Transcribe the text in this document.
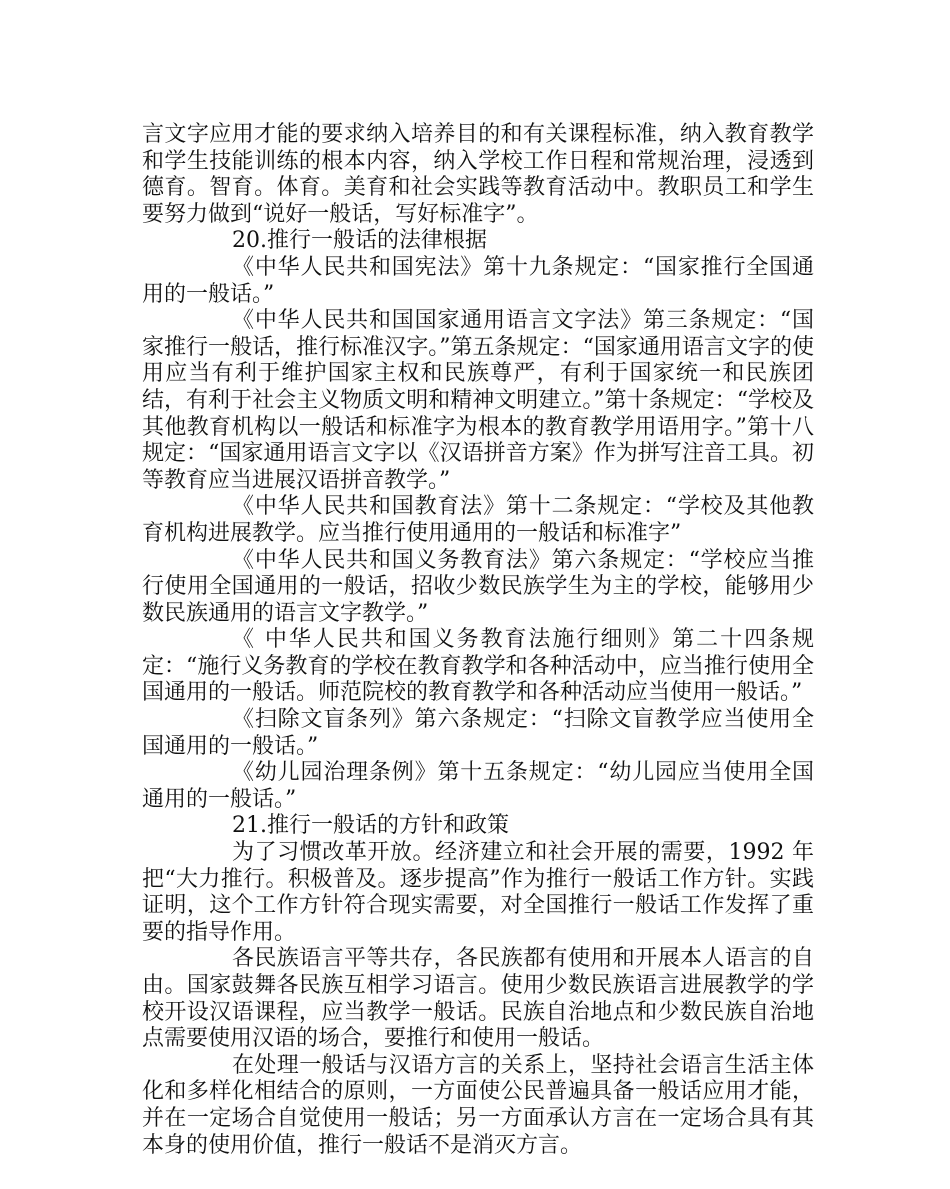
言文字应用才能的要求纳入培养目的和有关课程标准，纳入教育教学和学生技能训练的根本内容，纳入学校工作日程和常规治理，浸透到德育。智育。体育。美育和社会实践等教育活动中。教职员工和学生要努力做到“说好一般话，写好标准字”。

20.推行一般话的法律根据

《中华人民共和国宪法》第十九条规定：“国家推行全国通用的一般话。”

《中华人民共和国国家通用语言文字法》第三条规定：“国家推行一般话，推行标准汉字。”第五条规定：“国家通用语言文字的使用应当有利于维护国家主权和民族尊严，有利于国家统一和民族团结，有利于社会主义物质文明和精神文明建立。”第十条规定：“学校及其他教育机构以一般话和标准字为根本的教育教学用语用字。”第十八规定：“国家通用语言文字以《汉语拼音方案》作为拼写注音工具。初等教育应当进展汉语拼音教学。”

《中华人民共和国教育法》第十二条规定：“学校及其他教育机构进展教学。应当推行使用通用的一般话和标准字”

《中华人民共和国义务教育法》第六条规定：“学校应当推行使用全国通用的一般话，招收少数民族学生为主的学校，能够用少数民族通用的语言文字教学。”

《 中华人民共和国义务教育法施行细则》第二十四条规定：“施行义务教育的学校在教育教学和各种活动中，应当推行使用全国通用的一般话。师范院校的教育教学和各种活动应当使用一般话。”

《扫除文盲条列》第六条规定：“扫除文盲教学应当使用全国通用的一般话。”

《幼儿园治理条例》第十五条规定：“幼儿园应当使用全国通用的一般话。”

21.推行一般话的方针和政策

为了习惯改革开放。经济建立和社会开展的需要，1992 年把“大力推行。积极普及。逐步提高”作为推行一般话工作方针。实践证明，这个工作方针符合现实需要，对全国推行一般话工作发挥了重要的指导作用。

各民族语言平等共存，各民族都有使用和开展本人语言的自由。国家鼓舞各民族互相学习语言。使用少数民族语言进展教学的学校开设汉语课程，应当教学一般话。民族自治地点和少数民族自治地点需要使用汉语的场合，要推行和使用一般话。

在处理一般话与汉语方言的关系上，坚持社会语言生活主体化和多样化相结合的原则，一方面使公民普遍具备一般话应用才能，并在一定场合自觉使用一般话；另一方面承认方言在一定场合具有其本身的使用价值，推行一般话不是消灭方言。
